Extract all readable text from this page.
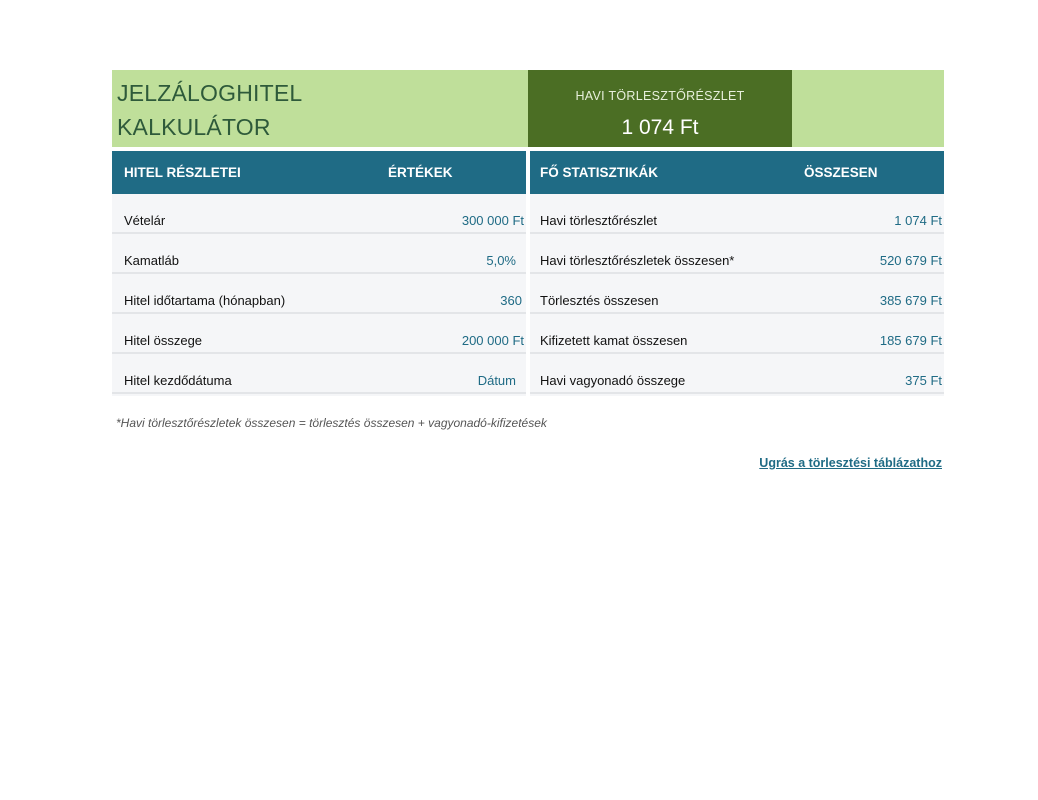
JELZÁLOGHITEL
KALKULÁTOR
HAVI TÖRLESZTŐRÉSZLET
1 074 Ft
HITEL RÉSZLETEI	ÉRTÉKEK	FŐ STATISZTIKÁK	ÖSSZESEN
Vételár	300 000 Ft
Kamatláb	5,0%
Hitel időtartama (hónapban)	360
Hitel összege	200 000 Ft
Hitel kezdődátuma	Dátum
Havi törlesztőrészlet	1 074 Ft
Havi törlesztőrészletek összesen*	520 679 Ft
Törlesztés összesen	385 679 Ft
Kifizetett kamat összesen	185 679 Ft
Havi vagyonadó összege	375 Ft
*Havi törlesztőrészletek összesen = törlesztés összesen + vagyonadó-kifizetések
Ugrás a törlesztési táblázathoz
